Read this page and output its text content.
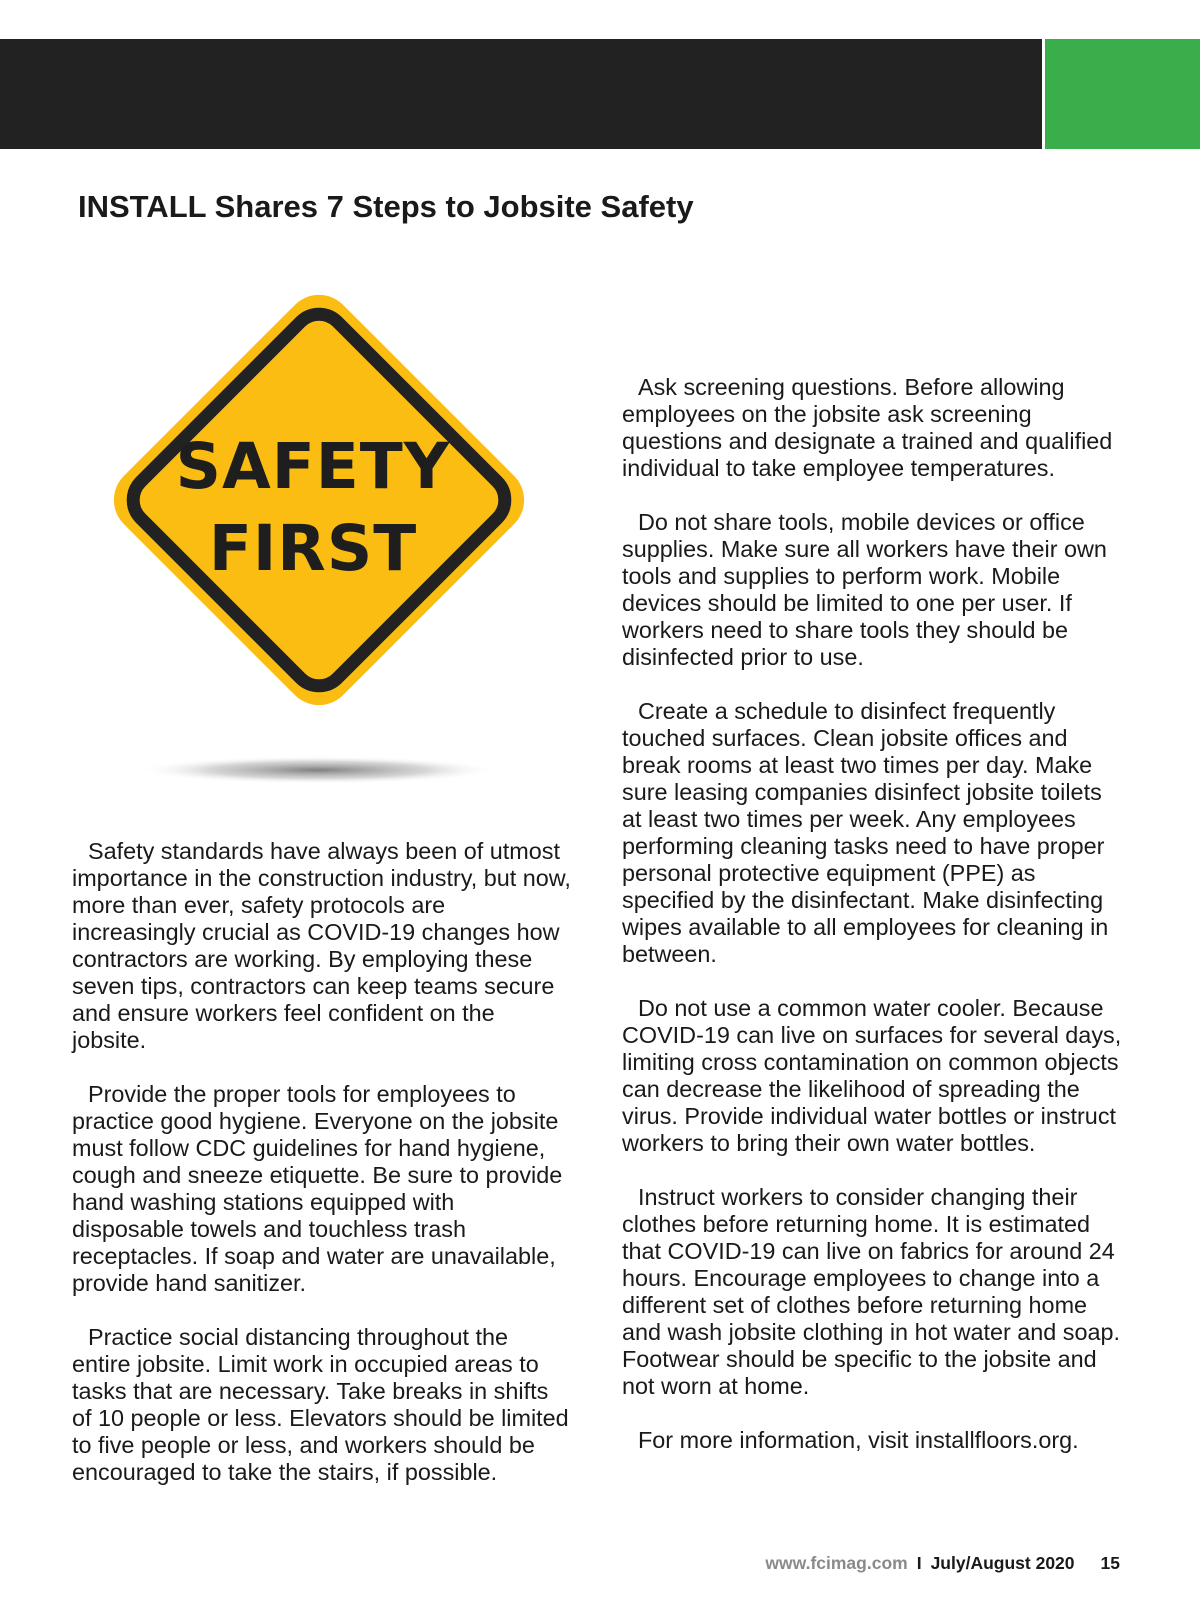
INSTALL Shares 7 Steps to Jobsite Safety
SAFETY
FIRST

Safety standards have always been of utmost importance in the construction industry, but now, more than ever, safety protocols are increasingly crucial as COVID-19 changes how contractors are working. By employing these seven tips, contractors can keep teams secure and ensure workers feel confident on the jobsite.

Provide the proper tools for employees to practice good hygiene. Everyone on the jobsite must follow CDC guidelines for hand hygiene, cough and sneeze etiquette. Be sure to provide hand washing stations equipped with disposable towels and touchless trash receptacles. If soap and water are unavailable, provide hand sanitizer.

Practice social distancing throughout the entire jobsite. Limit work in occupied areas to tasks that are necessary. Take breaks in shifts of 10 people or less. Elevators should be limited to five people or less, and workers should be encouraged to take the stairs, if possible.

Ask screening questions. Before allowing employees on the jobsite ask screening questions and designate a trained and qualified individual to take employee temperatures.

Do not share tools, mobile devices or office supplies. Make sure all workers have their own tools and supplies to perform work. Mobile devices should be limited to one per user. If workers need to share tools they should be disinfected prior to use.

Create a schedule to disinfect frequently touched surfaces. Clean jobsite offices and break rooms at least two times per day. Make sure leasing companies disinfect jobsite toilets at least two times per week. Any employees performing cleaning tasks need to have proper personal protective equipment (PPE) as specified by the disinfectant. Make disinfecting wipes available to all employees for cleaning in between.

Do not use a common water cooler. Because COVID-19 can live on surfaces for several days, limiting cross contamination on common objects can decrease the likelihood of spreading the virus. Provide individual water bottles or instruct workers to bring their own water bottles.

Instruct workers to consider changing their clothes before returning home. It is estimated that COVID-19 can live on fabrics for around 24 hours. Encourage employees to change into a different set of clothes before returning home and wash jobsite clothing in hot water and soap. Footwear should be specific to the jobsite and not worn at home.

For more information, visit installfloors.org.

www.fcimag.com I July/August 2020 15
